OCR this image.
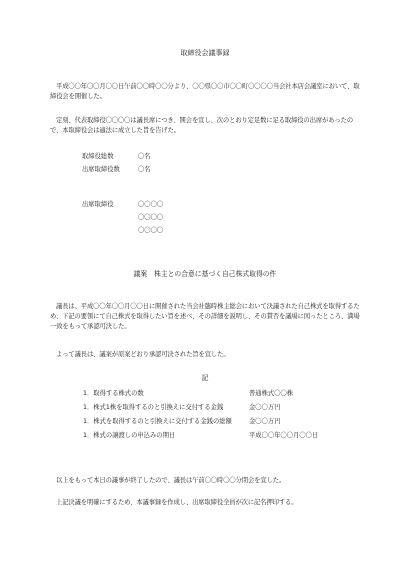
取締役会議事録
平成〇〇年〇〇月〇〇日午前〇〇時〇〇分より、〇〇県〇〇市〇〇町〇〇〇〇当会社本店会議室において、取締役会を開催した。
定刻、代表取締役〇〇〇〇は議長席につき、開会を宣し、次のとおり定足数に足る取締役の出席があったので、本取締役会は適法に成立した旨を告げた。
取締役総数	〇名
出席取締役数	〇名
出席取締役	〇〇〇〇
〇〇〇〇
〇〇〇〇
議案　株主との合意に基づく自己株式取得の件
議長は、平成〇〇年〇〇月〇〇日に開催された当会社臨時株主総会において決議された自己株式を取得するため、下記の要領にて自己株式を取得したい旨を述べ、その詳細を説明し、その賛否を議場に図ったところ、満場一致をもって承認可決した。
よって議長は、議案が原案どおり承認可決された旨を宣した。
記
1．取得する株式の数	普通株式〇〇株
1．株式1株を取得するのと引換えに交付する金銭	金〇〇万円
1．株式を取得するのと引換えに交付する金銭の総額	金〇〇万円
1．株式の譲渡しの申込みの期日	平成〇〇年〇〇月〇〇日
以上をもって本日の議事が終了したので、議長は午前〇〇時〇〇分閉会を宣した。
上記決議を明確にするため、本議事録を作成し、出席取締役全員が次に記名押印する。
